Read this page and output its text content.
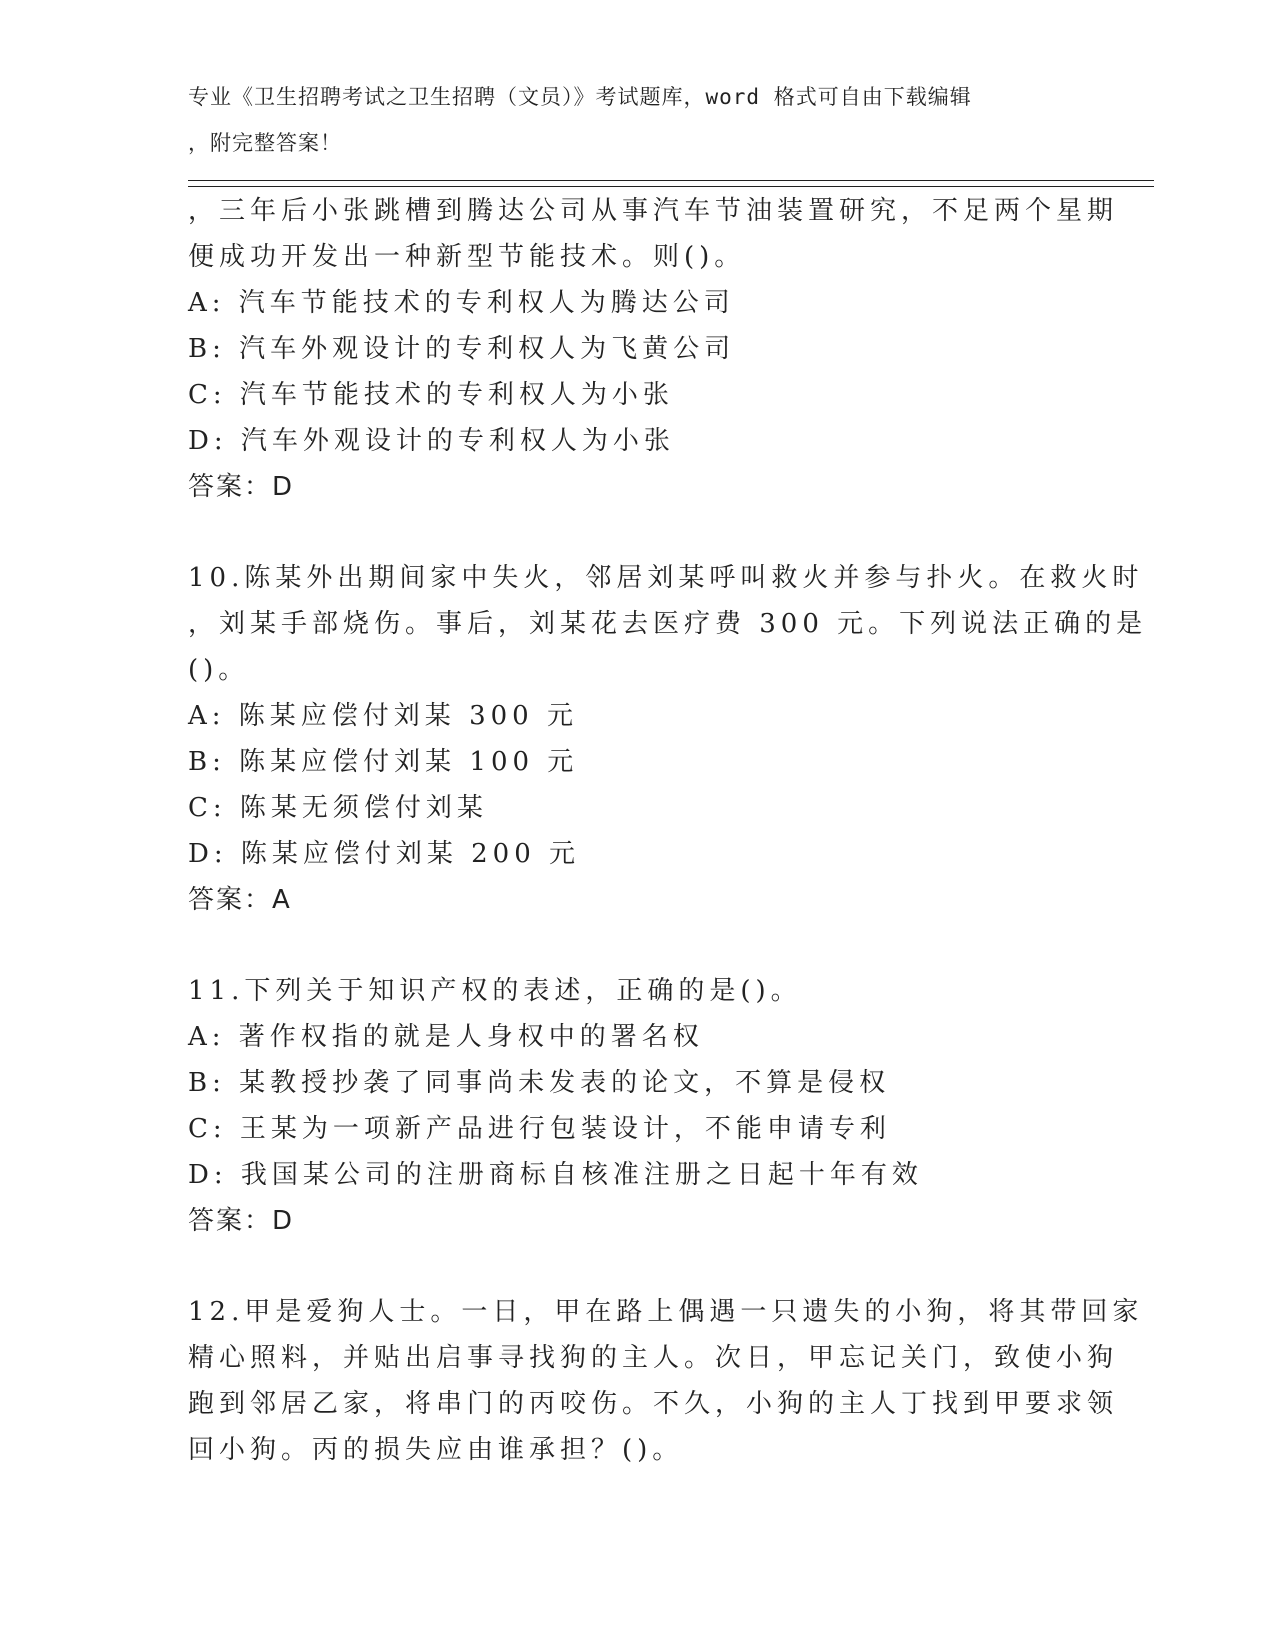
专业《卫生招聘考试之卫生招聘（文员）》考试题库，word 格式可自由下载编辑
，附完整答案！
，三年后小张跳槽到腾达公司从事汽车节油装置研究，不足两个星期
便成功开发出一种新型节能技术。则()。
A: 汽车节能技术的专利权人为腾达公司
B: 汽车外观设计的专利权人为飞黄公司
C: 汽车节能技术的专利权人为小张
D: 汽车外观设计的专利权人为小张
答案：D
10.陈某外出期间家中失火，邻居刘某呼叫救火并参与扑火。在救火时
，刘某手部烧伤。事后，刘某花去医疗费 300 元。下列说法正确的是
()。
A: 陈某应偿付刘某 300 元
B: 陈某应偿付刘某 100 元
C: 陈某无须偿付刘某
D: 陈某应偿付刘某 200 元
答案：A
11.下列关于知识产权的表述，正确的是()。
A: 著作权指的就是人身权中的署名权
B: 某教授抄袭了同事尚未发表的论文，不算是侵权
C: 王某为一项新产品进行包装设计，不能申请专利
D: 我国某公司的注册商标自核准注册之日起十年有效
答案：D
12.甲是爱狗人士。一日，甲在路上偶遇一只遗失的小狗，将其带回家
精心照料，并贴出启事寻找狗的主人。次日，甲忘记关门，致使小狗
跑到邻居乙家，将串门的丙咬伤。不久，小狗的主人丁找到甲要求领
回小狗。丙的损失应由谁承担？()。
